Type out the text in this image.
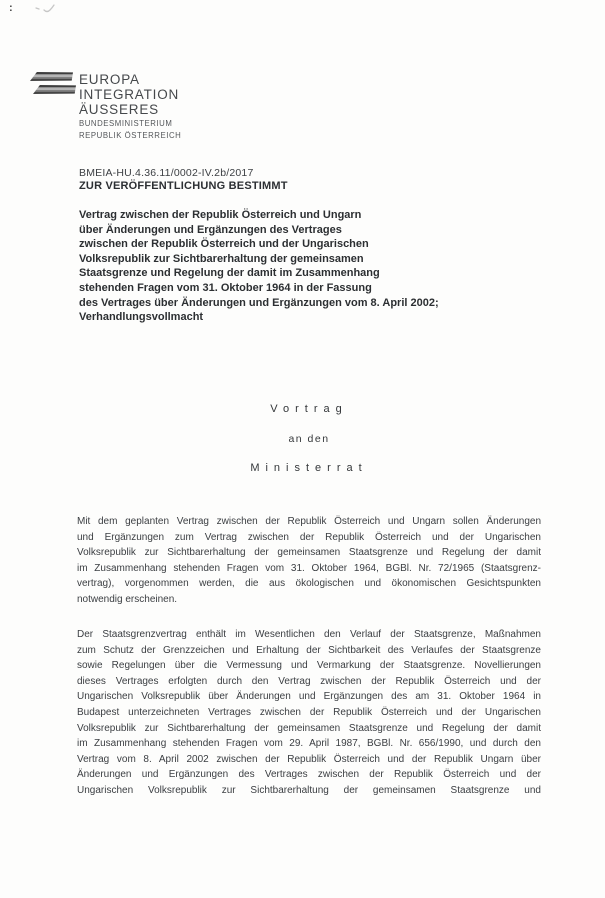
:
EUROPA
INTEGRATION
ÄUSSERES
BUNDESMINISTERIUM
REPUBLIK ÖSTERREICH
BMEIA-HU.4.36.11/0002-IV.2b/2017
ZUR VERÖFFENTLICHUNG BESTIMMT
Vertrag zwischen der Republik Österreich und Ungarn
über Änderungen und Ergänzungen des Vertrages
zwischen der Republik Österreich und der Ungarischen
Volksrepublik zur Sichtbarerhaltung der gemeinsamen
Staatsgrenze und Regelung der damit im Zusammenhang
stehenden Fragen vom 31. Oktober 1964 in der Fassung
des Vertrages über Änderungen und Ergänzungen vom 8. April 2002;
Verhandlungsvollmacht
Vortrag
an den
Ministerrat
Mit dem geplanten Vertrag zwischen der Republik Österreich und Ungarn sollen Änderungen
und Ergänzungen zum Vertrag zwischen der Republik Österreich und der Ungarischen
Volksrepublik zur Sichtbarerhaltung der gemeinsamen Staatsgrenze und Regelung der damit
im Zusammenhang stehenden Fragen vom 31. Oktober 1964, BGBl. Nr. 72/1965 (Staatsgrenz-
vertrag), vorgenommen werden, die aus ökologischen und ökonomischen Gesichtspunkten
notwendig erscheinen.
Der Staatsgrenzvertrag enthält im Wesentlichen den Verlauf der Staatsgrenze, Maßnahmen
zum Schutz der Grenzzeichen und Erhaltung der Sichtbarkeit des Verlaufes der Staatsgrenze
sowie Regelungen über die Vermessung und Vermarkung der Staatsgrenze. Novellierungen
dieses Vertrages erfolgten durch den Vertrag zwischen der Republik Österreich und der
Ungarischen Volksrepublik über Änderungen und Ergänzungen des am 31. Oktober 1964 in
Budapest unterzeichneten Vertrages zwischen der Republik Österreich und der Ungarischen
Volksrepublik zur Sichtbarerhaltung der gemeinsamen Staatsgrenze und Regelung der damit
im Zusammenhang stehenden Fragen vom 29. April 1987, BGBl. Nr. 656/1990, und durch den
Vertrag vom 8. April 2002 zwischen der Republik Österreich und der Republik Ungarn über
Änderungen und Ergänzungen des Vertrages zwischen der Republik Österreich und der
Ungarischen Volksrepublik zur Sichtbarerhaltung der gemeinsamen Staatsgrenze und
